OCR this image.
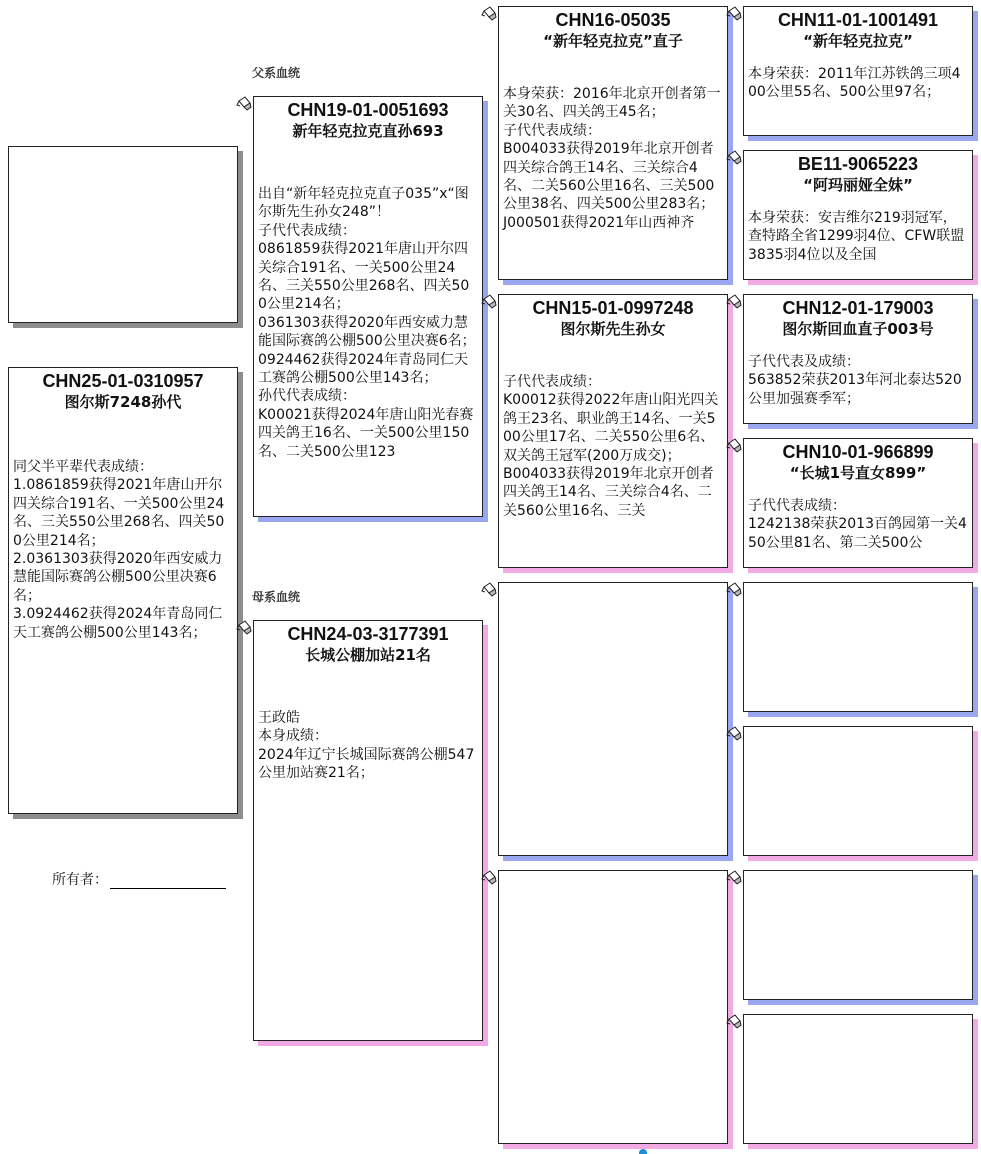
父系血统
母系血统
CHN25-01-0310957
图尔斯7248孙代
同父半平辈代表成绩：
1.0861859获得2021年唐山开尔四关综合191名、一关500公里24名、三关550公里268名、四关500公里214名；
2.0361303获得2020年西安威力慧能国际赛鸽公棚500公里决赛6名；
3.0924462获得2024年青岛同仁天工赛鸽公棚500公里143名；
所有者：
CHN19-01-0051693
新年轻克拉克直孙693
出自“新年轻克拉克直子035”x“图尔斯先生孙女248”！
子代代表成绩：
0861859获得2021年唐山开尔四关综合191名、一关500公里24名、三关550公里268名、四关500公里214名；
0361303获得2020年西安威力慧能国际赛鸽公棚500公里决赛6名；
0924462获得2024年青岛同仁天工赛鸽公棚500公里143名；
孙代代表成绩：
K00021获得2024年唐山阳光春赛四关鸽王16名、一关500公里150名、二关500公里123
CHN24-03-3177391
长城公棚加站21名
王政皓
本身成绩：
2024年辽宁长城国际赛鸽公棚547公里加站赛21名；
CHN16-05035
“新年轻克拉克”直子
本身荣获：2016年北京开创者第一关30名、四关鸽王45名；
子代代表成绩：
B004033获得2019年北京开创者四关综合鸽王14名、三关综合4名、二关560公里16名、三关500公里38名、四关500公里283名；
J000501获得2021年山西神齐
CHN15-01-0997248
图尔斯先生孙女
子代代表成绩：
K00012获得2022年唐山阳光四关鸽王23名、职业鸽王14名、一关500公里17名、二关550公里6名、双关鸽王冠军(200万成交)；
B004033获得2019年北京开创者四关鸽王14名、三关综合4名、二关560公里16名、三关
CHN11-01-1001491
“新年轻克拉克”
本身荣获：2011年江苏铁鸽三项400公里55名、500公里97名；
BE11-9065223
“阿玛丽娅全妹”
本身荣获：安吉维尔219羽冠军，查特路全省1299羽4位、CFW联盟3835羽4位以及全国
CHN12-01-179003
图尔斯回血直子003号
子代代表及成绩：
563852荣获2013年河北泰达520公里加强赛季军；
CHN10-01-966899
“长城1号直女899”
子代代表成绩：
1242138荣获2013百鸽园第一关450公里81名、第二关500公
